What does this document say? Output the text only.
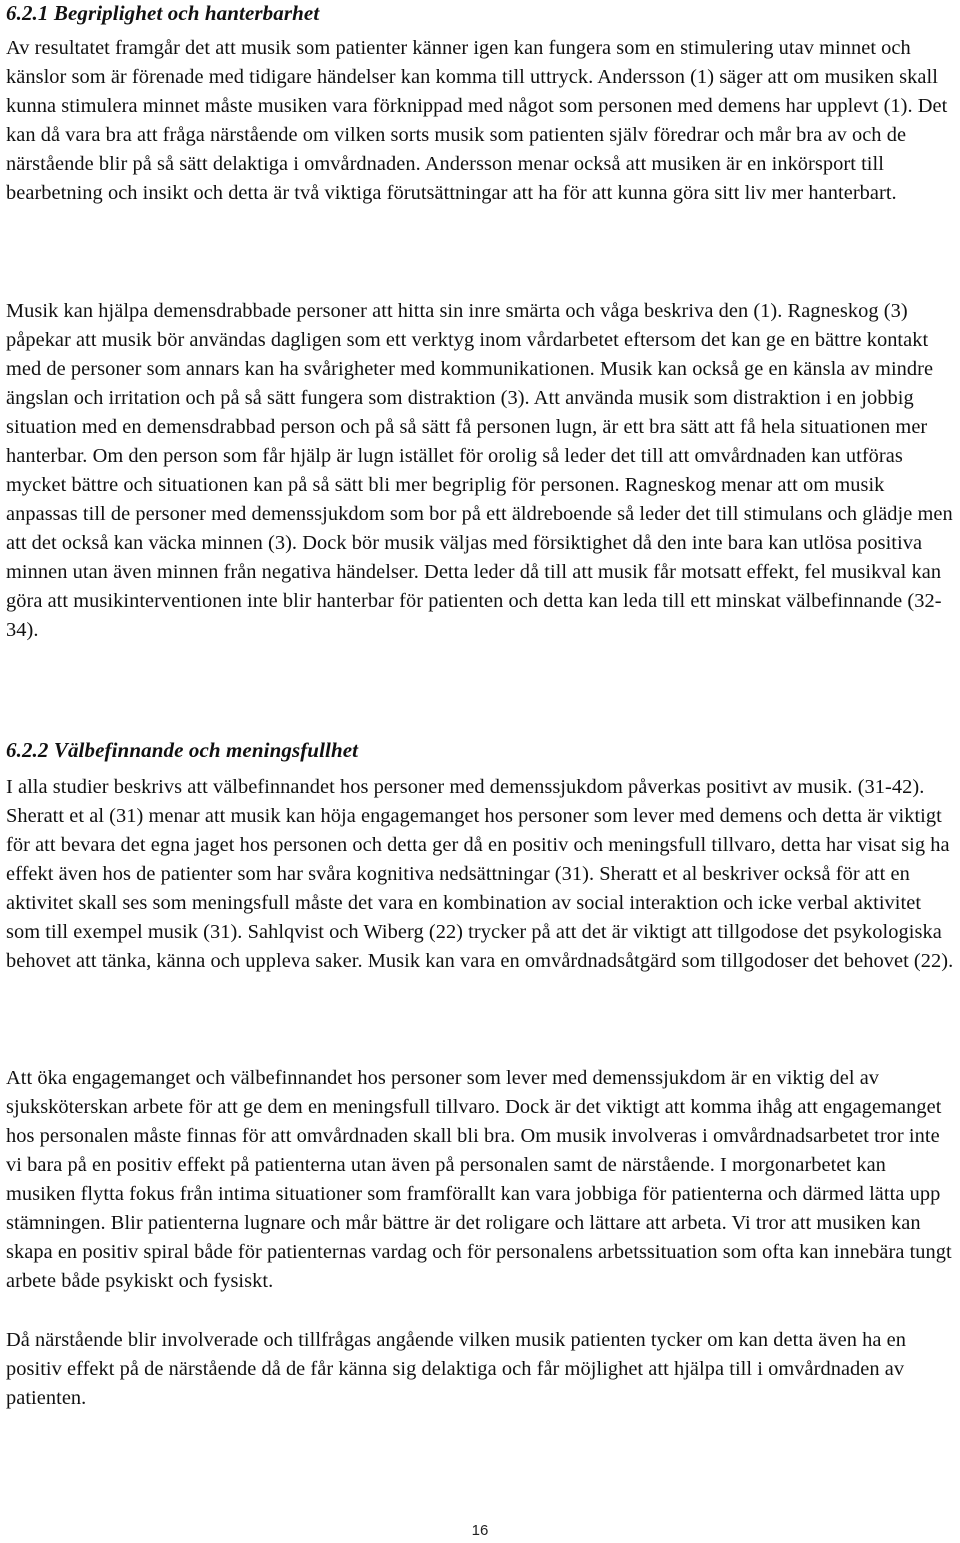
6.2.1 Begriplighet och hanterbarhet

Av resultatet framgår det att musik som patienter känner igen kan fungera som en stimulering utav minnet och känslor som är förenade med tidigare händelser kan komma till uttryck. Andersson (1) säger att om musiken skall kunna stimulera minnet måste musiken vara förknippad med något som personen med demens har upplevt (1). Det kan då vara bra att fråga närstående om vilken sorts musik som patienten själv föredrar och mår bra av och de närstående blir på så sätt delaktiga i omvårdnaden. Andersson menar också att musiken är en inkörsport till bearbetning och insikt och detta är två viktiga förutsättningar att ha för att kunna göra sitt liv mer hanterbart.

Musik kan hjälpa demensdrabbade personer att hitta sin inre smärta och våga beskriva den (1). Ragneskog (3) påpekar att musik bör användas dagligen som ett verktyg inom vårdarbetet eftersom det kan ge en bättre kontakt med de personer som annars kan ha svårigheter med kommunikationen. Musik kan också ge en känsla av mindre ängslan och irritation och på så sätt fungera som distraktion (3). Att använda musik som distraktion i en jobbig situation med en demensdrabbad person och på så sätt få personen lugn, är ett bra sätt att få hela situationen mer hanterbar. Om den person som får hjälp är lugn istället för orolig så leder det till att omvårdnaden kan utföras mycket bättre och situationen kan på så sätt bli mer begriplig för personen. Ragneskog menar att om musik anpassas till de personer med demenssjukdom som bor på ett äldreboende så leder det till stimulans och glädje men att det också kan väcka minnen (3). Dock bör musik väljas med försiktighet då den inte bara kan utlösa positiva minnen utan även minnen från negativa händelser. Detta leder då till att musik får motsatt effekt, fel musikval kan göra att musikinterventionen inte blir hanterbar för patienten och detta kan leda till ett minskat välbefinnande (32-34).

6.2.2 Välbefinnande och meningsfullhet

I alla studier beskrivs att välbefinnandet hos personer med demenssjukdom påverkas positivt av musik. (31-42). Sheratt et al (31) menar att musik kan höja engagemanget hos personer som lever med demens och detta är viktigt för att bevara det egna jaget hos personen och detta ger då en positiv och meningsfull tillvaro, detta har visat sig ha effekt även hos de patienter som har svåra kognitiva nedsättningar (31). Sheratt et al beskriver också för att en aktivitet skall ses som meningsfull måste det vara en kombination av social interaktion och icke verbal aktivitet som till exempel musik (31). Sahlqvist och Wiberg (22) trycker på att det är viktigt att tillgodose det psykologiska behovet att tänka, känna och uppleva saker. Musik kan vara en omvårdnadsåtgärd som tillgodoser det behovet (22).

Att öka engagemanget och välbefinnandet hos personer som lever med demenssjukdom är en viktig del av sjuksköterskan arbete för att ge dem en meningsfull tillvaro. Dock är det viktigt att komma ihåg att engagemanget hos personalen måste finnas för att omvårdnaden skall bli bra. Om musik involveras i omvårdnadsarbetet tror inte vi bara på en positiv effekt på patienterna utan även på personalen samt de närstående. I morgonarbetet kan musiken flytta fokus från intima situationer som framförallt kan vara jobbiga för patienterna och därmed lätta upp stämningen. Blir patienterna lugnare och mår bättre är det roligare och lättare att arbeta. Vi tror att musiken kan skapa en positiv spiral både för patienternas vardag och för personalens arbetssituation som ofta kan innebära tungt arbete både psykiskt och fysiskt.

Då närstående blir involverade och tillfrågas angående vilken musik patienten tycker om kan detta även ha en positiv effekt på de närstående då de får känna sig delaktiga och får möjlighet att hjälpa till i omvårdnaden av patienten.

16
